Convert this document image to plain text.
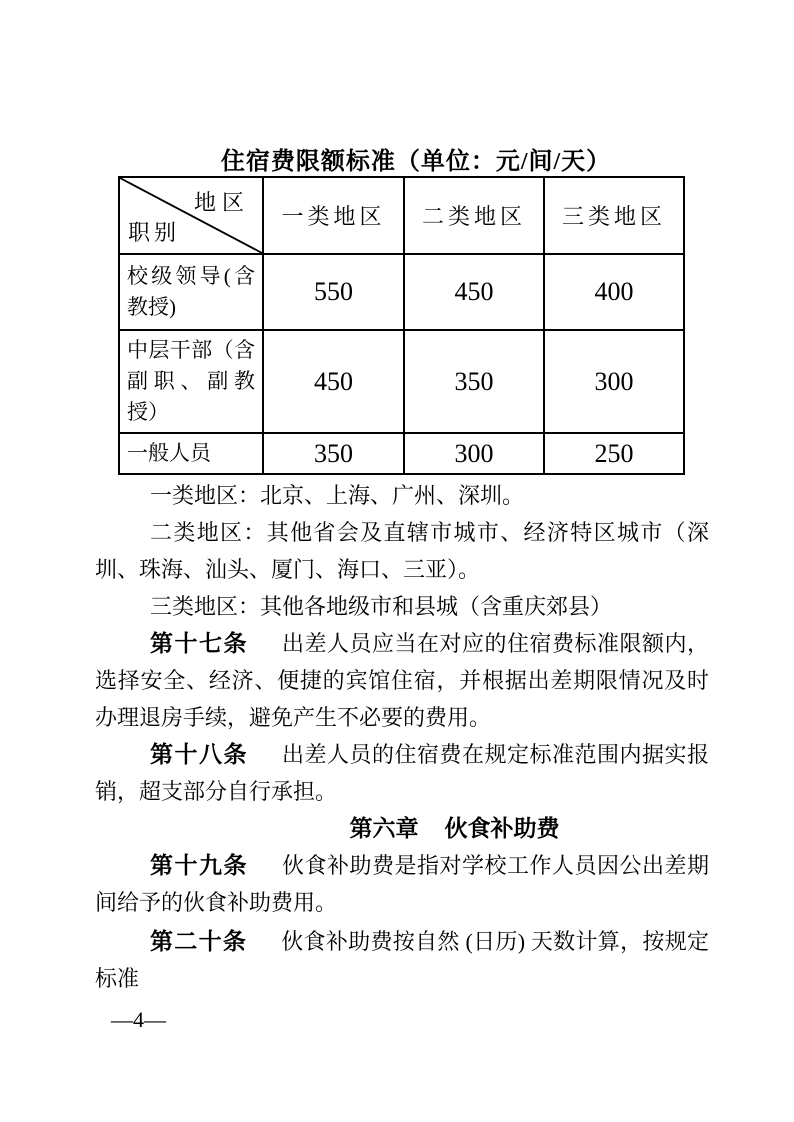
住宿费限额标准（单位：元/间/天）
地区
职别	一类地区	二类地区	三类地区
校级领导(含教授)	550	450	400
中层干部（含副职、副教授）	450	350	300
一般人员	350	300	250

一类地区：北京、上海、广州、深圳。

二类地区：其他省会及直辖市城市、经济特区城市（深圳、珠海、汕头、厦门、海口、三亚）。

三类地区：其他各地级市和县城（含重庆郊县）

第十七条 出差人员应当在对应的住宿费标准限额内，选择安全、经济、便捷的宾馆住宿，并根据出差期限情况及时办理退房手续，避免产生不必要的费用。

第十八条 出差人员的住宿费在规定标准范围内据实报销，超支部分自行承担。

第六章 伙食补助费

第十九条 伙食补助费是指对学校工作人员因公出差期间给予的伙食补助费用。

第二十条 伙食补助费按自然 (日历) 天数计算，按规定标准

—4—
